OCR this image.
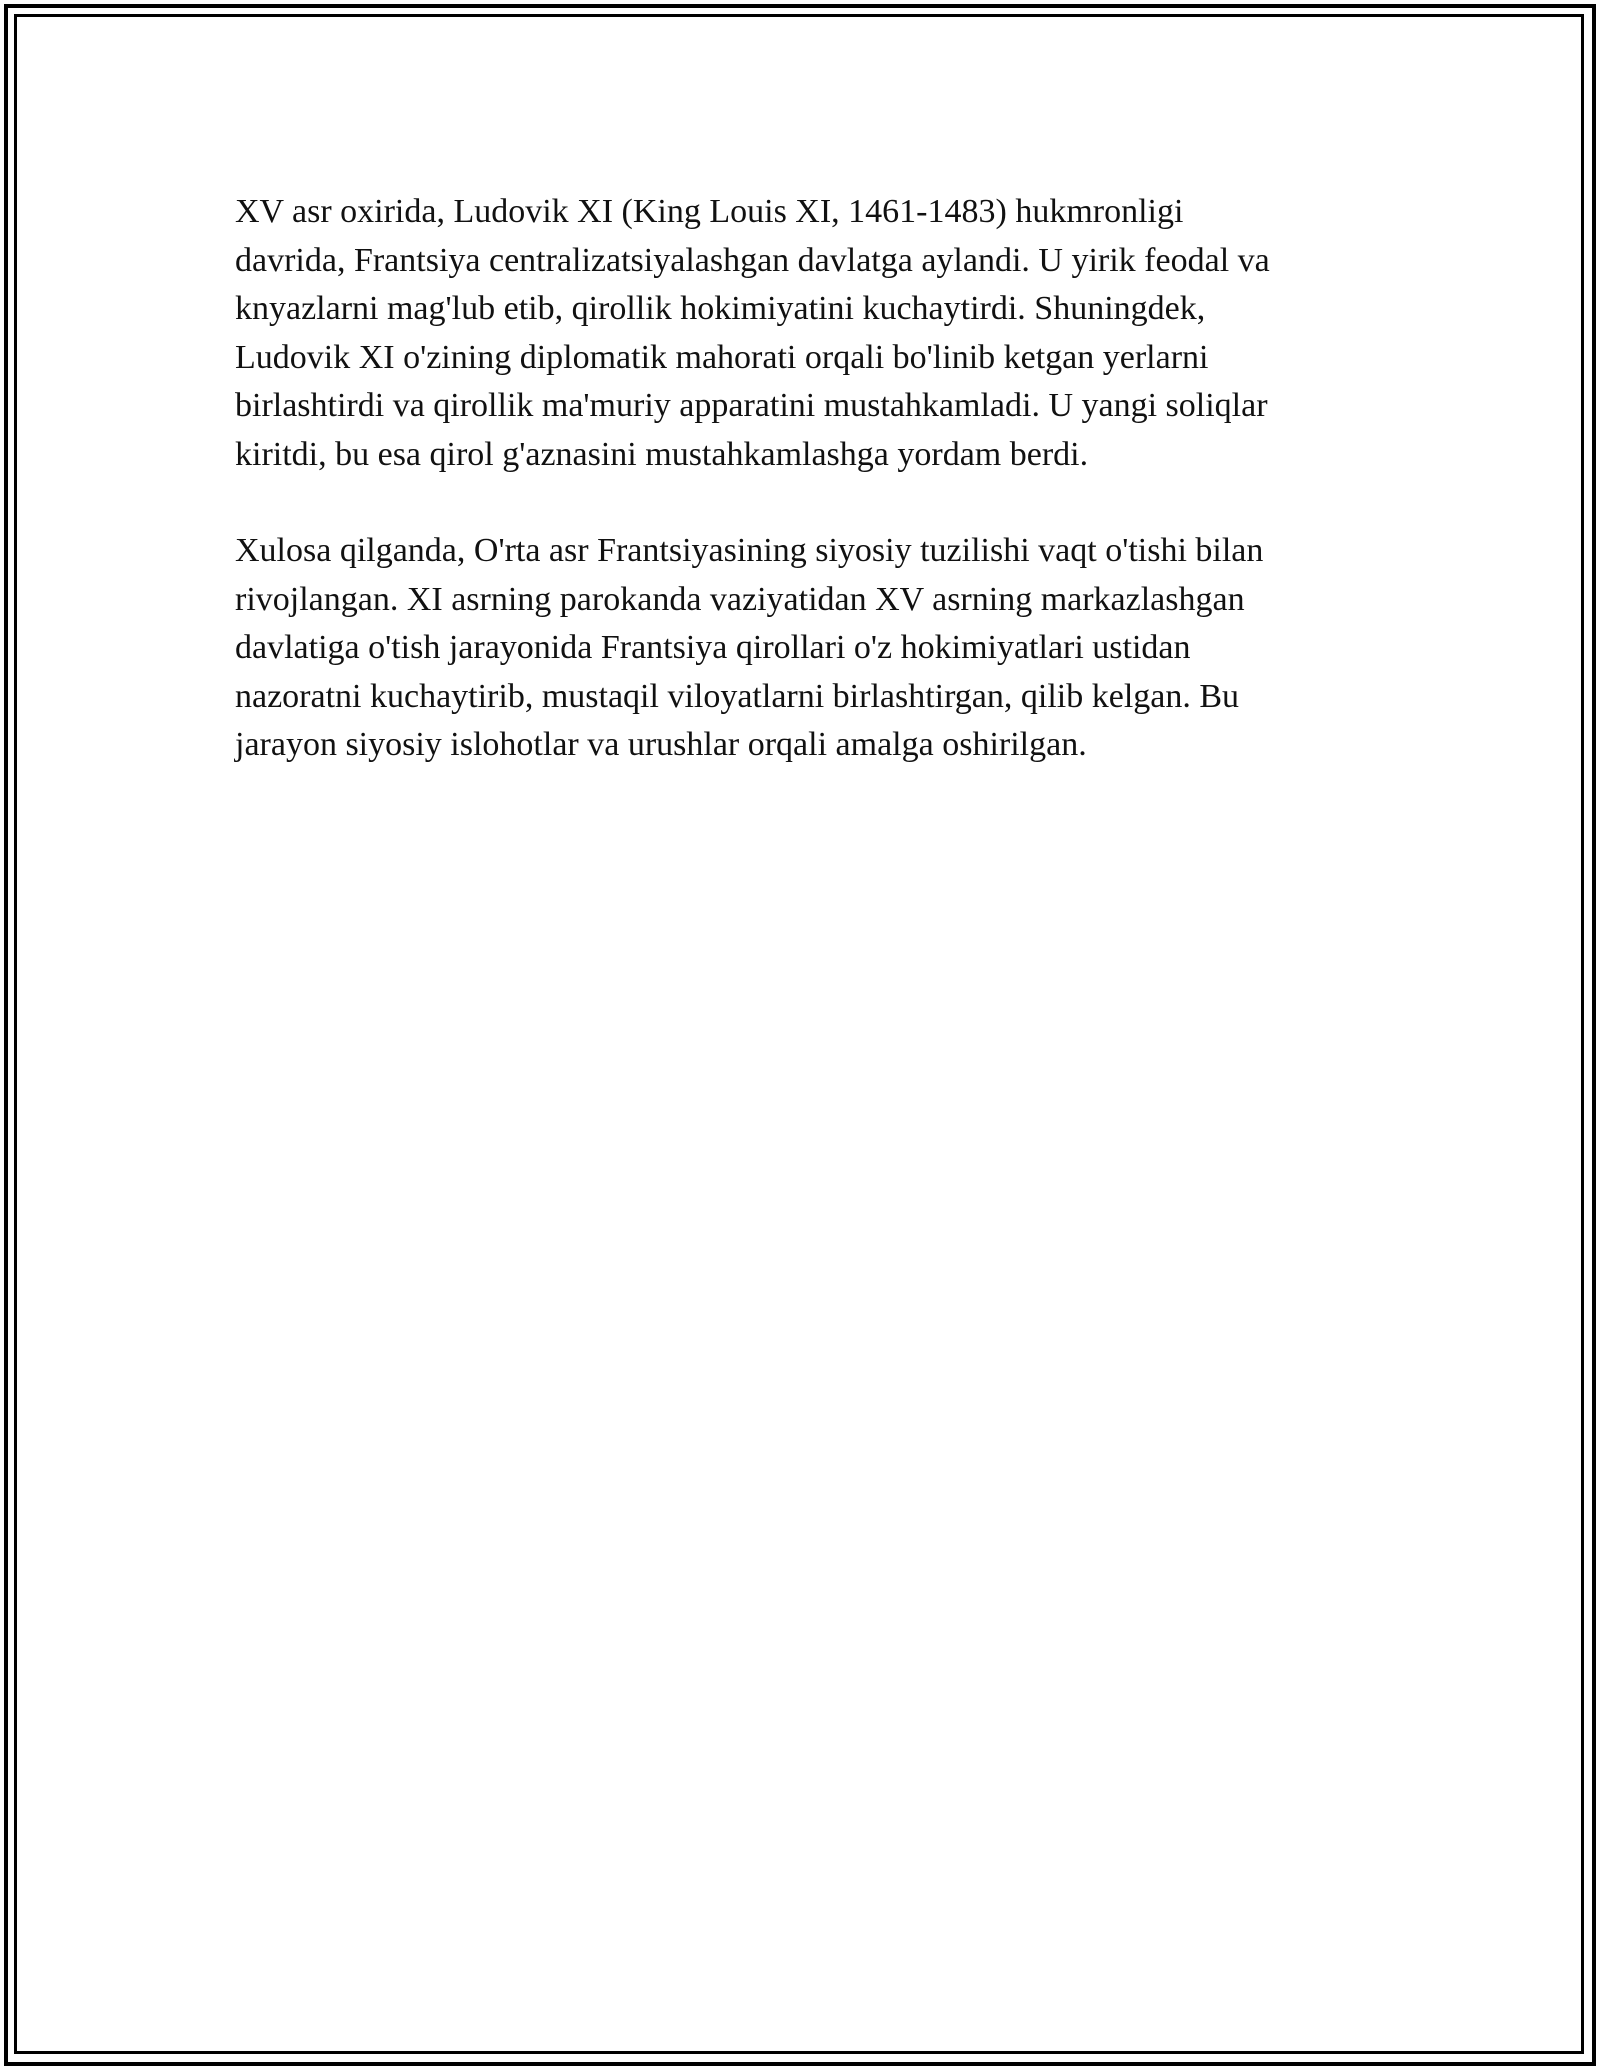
XV asr oxirida, Ludovik XI (King Louis XI, 1461-1483) hukmronligi
davrida, Frantsiya centralizatsiyalashgan davlatga aylandi. U yirik feodal va
knyazlarni mag'lub etib, qirollik hokimiyatini kuchaytirdi. Shuningdek,
Ludovik XI o'zining diplomatik mahorati orqali bo'linib ketgan yerlarni
birlashtirdi va qirollik ma'muriy apparatini mustahkamladi. U yangi soliqlar
kiritdi, bu esa qirol g'aznasini mustahkamlashga yordam berdi.

Xulosa qilganda, O'rta asr Frantsiyasining siyosiy tuzilishi vaqt o'tishi bilan
rivojlangan. XI asrning parokanda vaziyatidan XV asrning markazlashgan
davlatiga o'tish jarayonida Frantsiya qirollari o'z hokimiyatlari ustidan
nazoratni kuchaytirib, mustaqil viloyatlarni birlashtirgan, qilib kelgan. Bu
jarayon siyosiy islohotlar va urushlar orqali amalga oshirilgan.
